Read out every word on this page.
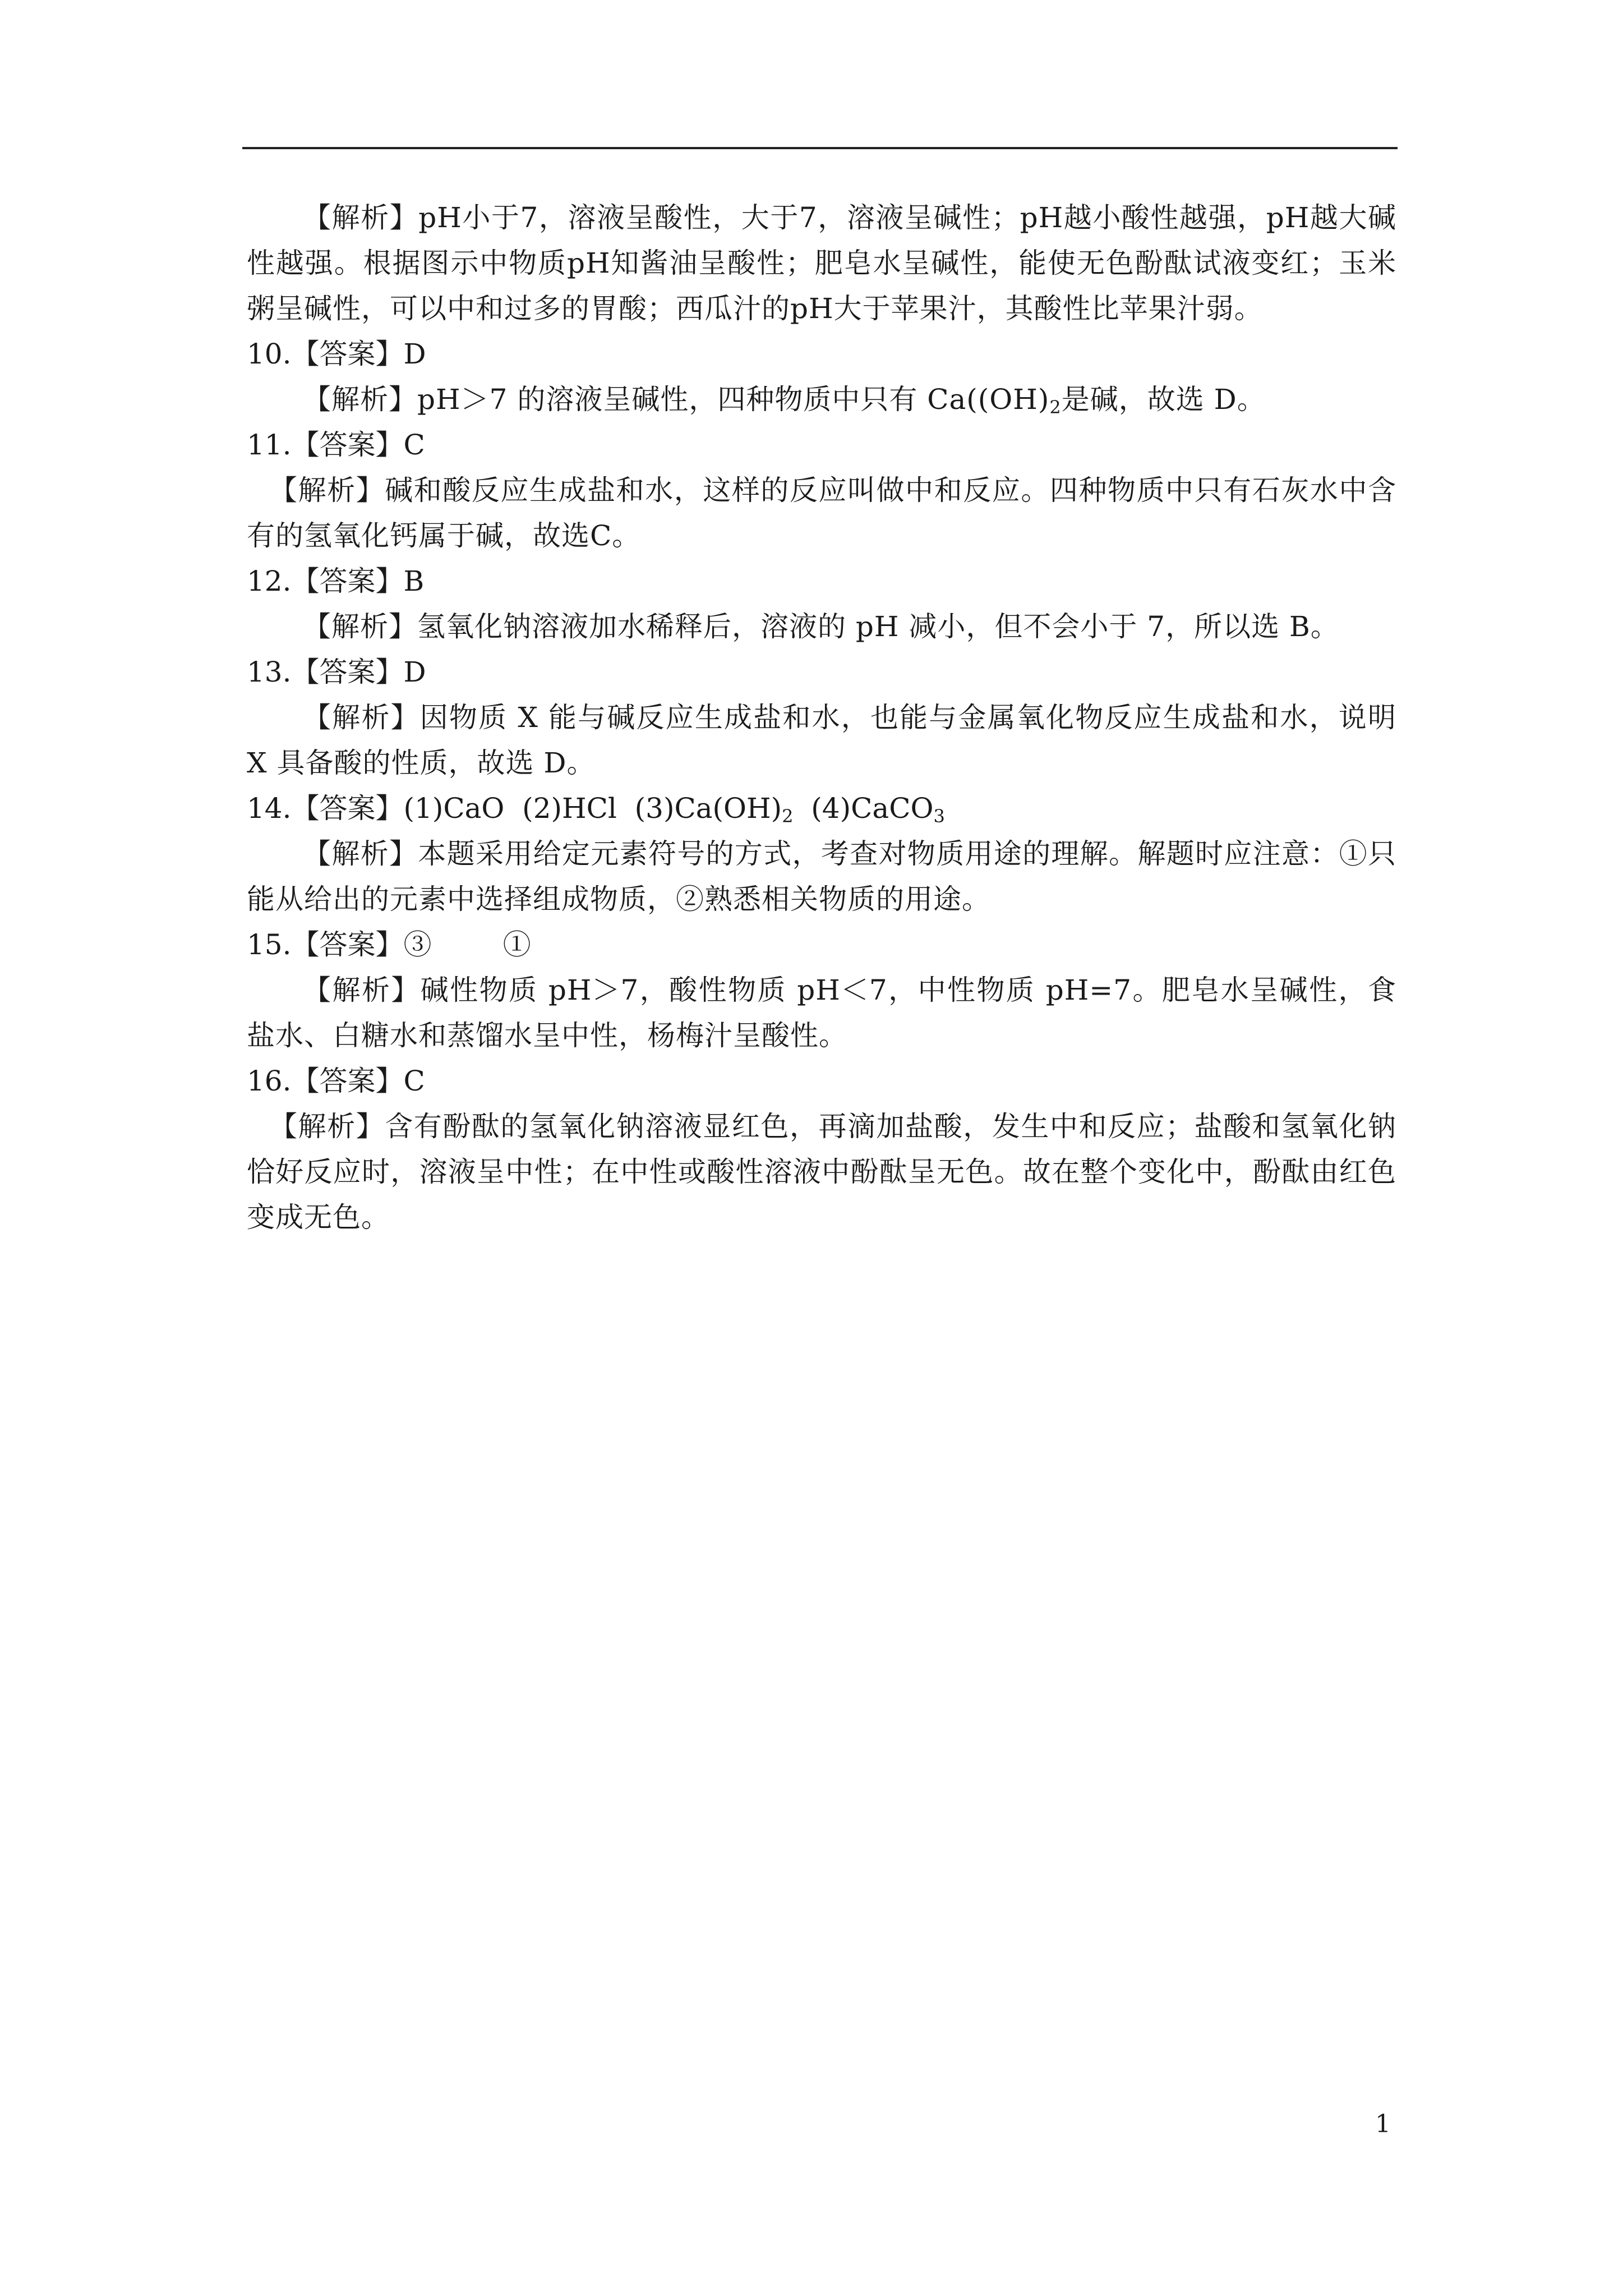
【解析】pH小于7，溶液呈酸性，大于7，溶液呈碱性；pH越小酸性越强，pH越大碱性越强。根据图示中物质pH知酱油呈酸性；肥皂水呈碱性，能使无色酚酞试液变红；玉米粥呈碱性，可以中和过多的胃酸；西瓜汁的pH大于苹果汁，其酸性比苹果汁弱。

10.【答案】D

【解析】pH＞7 的溶液呈碱性，四种物质中只有 $Ca((OH)_2$是碱，故选 D。

11.【答案】C

【解析】碱和酸反应生成盐和水，这样的反应叫做中和反应。四种物质中只有石灰水中含有的氢氧化钙属于碱，故选C。

12.【答案】B

【解析】氢氧化钠溶液加水稀释后，溶液的 pH 减小，但不会小于 7，所以选 B。

13.【答案】D

【解析】因物质 X 能与碱反应生成盐和水，也能与金属氧化物反应生成盐和水，说明 X 具备酸的性质，故选 D。

14.【答案】(1)CaO  (2)HCl  $(3)Ca(OH)_2$  (4)CaCO$_3$

【解析】本题采用给定元素符号的方式，考查对物质用途的理解。解题时应注意：①只能从给出的元素中选择组成物质，②熟悉相关物质的用途。

15.【答案】③        ①

【解析】碱性物质 pH＞7，酸性物质 pH＜7，中性物质 pH=7。肥皂水呈碱性，食盐水、白糖水和蒸馏水呈中性，杨梅汁呈酸性。

16.【答案】C

【解析】含有酚酞的氢氧化钠溶液显红色，再滴加盐酸，发生中和反应；盐酸和氢氧化钠恰好反应时，溶液呈中性；在中性或酸性溶液中酚酞呈无色。故在整个变化中，酚酞由红色变成无色。

1
